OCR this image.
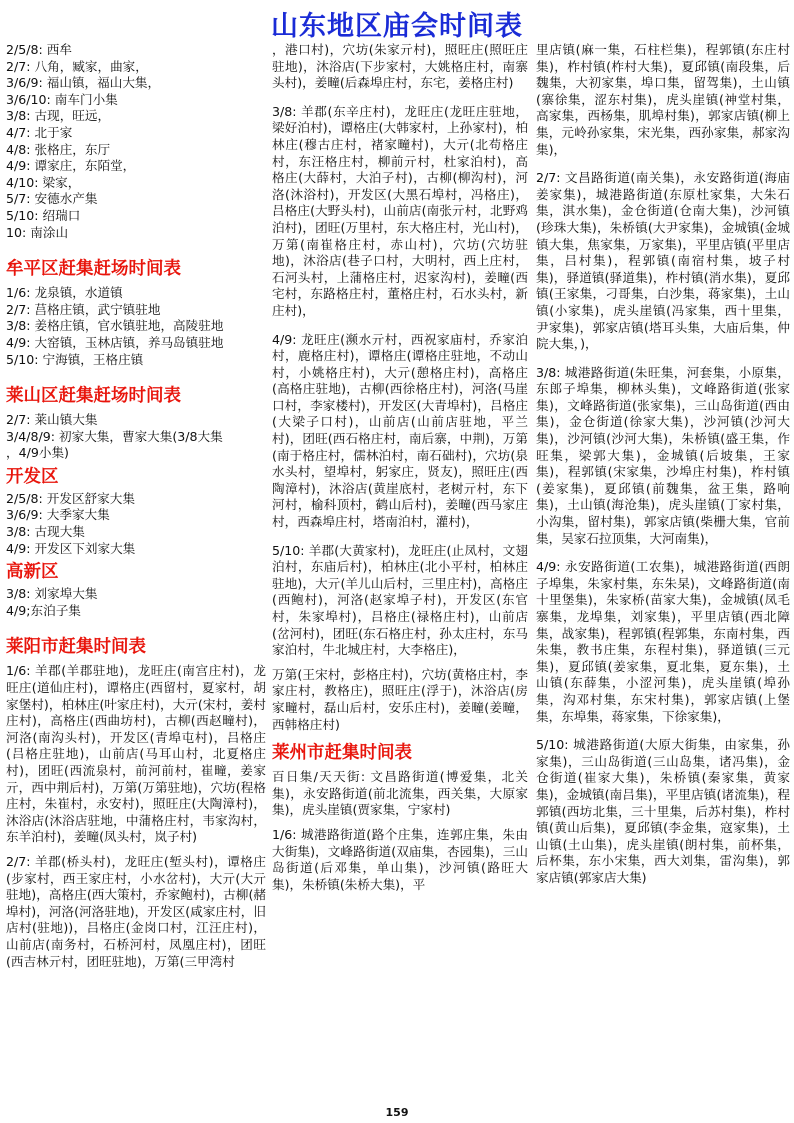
山东地区庙会时间表
2/5/8: 西牟
2/7: 八角，臧家，曲家，
3/6/9: 福山镇，福山大集，
3/6/10: 南车门小集
3/8: 古现，旺远，
4/7: 北于家
4/8: 张格庄，东厅
4/9: 谭家庄，东陌堂，
4/10: 梁家，
5/7: 安德水产集
5/10: 绍瑞口
10: 南涂山
牟平区赶集赶场时间表
1/6: 龙泉镇，水道镇
2/7: 莒格庄镇，武宁镇驻地
3/8: 姜格庄镇，官水镇驻地，高陵驻地
4/9: 大窑镇，玉林店镇，养马岛镇驻地
5/10: 宁海镇，王格庄镇
莱山区赶集赶场时间表
2/7: 莱山镇大集
3/4/8/9: 初家大集，曹家大集(3/8大集
，4/9小集)
开发区
2/5/8: 开发区舒家大集
3/6/9: 大季家大集
3/8: 古现大集
4/9: 开发区下刘家大集
高新区
3/8: 刘家埠大集
4/9;东泊子集
莱阳市赶集时间表

1/6: 羊郡(羊郡驻地)，龙旺庄(南宫庄村)，龙旺庄(道仙庄村)，谭格庄(西留村，夏家村，胡家堡村)，柏林庄(叶家庄村)，大亓(宋村，姜村庄村)，高格庄(西曲坊村)，古柳(西赵疃村)，河洛(南沟头村)，开发区(青埠屯村)，吕格庄(吕格庄驻地)，山前店(马耳山村，北夏格庄村)，团旺(西流泉村，前河前村，崔疃，姜家亓，西中荆后村)，万第(万第驻地)，穴坊(程格庄村，朱崔村，永安村)，照旺庄(大陶漳村)，沐浴店(沐浴店驻地，中蒲格庄村，韦家沟村，东羊泊村)，姜疃(凤头村，岚子村)

2/7: 羊郡(桥头村)，龙旺庄(堑头村)，谭格庄(步家村，西王家庄村，小水岔村)，大亓(大亓驻地)，高格庄(西大策村，乔家鲍村)，古柳(赭埠村)，河洛(河洛驻地)，开发区(咸家庄村，旧店村(驻地))，吕格庄(金岗口村，江汪庄村)，山前店(南务村，石桥河村，凤凰庄村)，团旺(西吉林亓村，团旺驻地)，万第(三甲湾村

，港口村)，穴坊(朱家亓村)，照旺庄(照旺庄驻地)，沐浴店(下步家村，大姚格庄村，南寨头村)，姜疃(后森埠庄村，东宅，姜格庄村)

3/8: 羊郡(东辛庄村)，龙旺庄(龙旺庄驻地，梁好泊村)，谭格庄(大韩家村，上孙家村)，柏林庄(穆古庄村，褚家疃村)，大亓(北苟格庄村，东汪格庄村，柳前亓村，杜家泊村)，高格庄(大薛村，大泊子村)，古柳(柳沟村)，河洛(沐浴村)，开发区(大黑石埠村，冯格庄)，吕格庄(大野头村)，山前店(南张亓村，北野鸡泊村)，团旺(万里村，东大格庄村，光山村)，万第(南崔格庄村，赤山村)，穴坊(穴坊驻地)，沐浴店(巷子口村，大明村，西上庄村，石河头村，上蒲格庄村，迟家沟村)，姜疃(西宅村，东路格庄村，董格庄村，石水头村，新庄村)，

4/9: 龙旺庄(濒水亓村，西祝家庙村，乔家泊村，鹿格庄村)，谭格庄(谭格庄驻地，不动山村，小姚格庄村)，大亓(憩格庄村)，高格庄(高格庄驻地)，古柳(西徐格庄村)，河洛(马崖口村，李家楼村)，开发区(大青埠村)，吕格庄(大梁子口村)，山前店(山前店驻地，平兰村)，团旺(西石格庄村，南后寨，中荆)，万第(南于格庄村，儒林泊村，南石础村)，穴坊(泉水头村，望埠村，躬家庄，贤友)，照旺庄(西陶漳村)，沐浴店(黄崖底村，老树亓村，东下河村，榆科顶村，鹤山后村)，姜疃(西马家庄村，西森埠庄村，塔南泊村，灌村)，

5/10: 羊郡(大黄家村)，龙旺庄(止凤村，文翅泊村，东庙后村)，柏林庄(北小平村，柏林庄驻地)，大亓(羊儿山后村，三里庄村)，高格庄(西鲍村)，河洛(赵家埠子村)，开发区(东官村，朱家埠村)，吕格庄(禄格庄村)，山前店(岔河村)，团旺(东石格庄村，孙太庄村，东马家泊村，牛北城庄村，大李格庄)，

万第(王宋村，彭格庄村)，穴坊(黄格庄村，李家庄村，教格庄)，照旺庄(浮于)，沐浴店(房家疃村，磊山后村，安乐庄村)，姜疃(姜疃，西韩格庄村)

莱州市赶集时间表

百日集/天天街: 文昌路街道(博爱集，北关集)，永安路街道(前北流集，西关集，大原家集)，虎头崖镇(贾家集，宁家村)

1/6: 城港路街道(路个庄集，连郭庄集，朱由大街集)，文峰路街道(双庙集，杏园集)，三山岛街道(后邓集，单山集)，沙河镇(路旺大集)，朱桥镇(朱桥大集)，平

里店镇(麻一集，石柱栏集)，程郭镇(东庄村集)，柞村镇(柞村大集)，夏邱镇(南段集，后魏集，大初家集，埠口集，留驾集)，土山镇(寨徐集，涩东村集)，虎头崖镇(神堂村集，高家集，西杨集，肌埠村集)，郭家店镇(柳上集，元岭孙家集，宋光集，西孙家集，郝家沟集)，

2/7: 文昌路街道(南关集)，永安路街道(海庙姜家集)，城港路街道(东原杜家集，大朱石集，淇水集)，金仓街道(仓南大集)，沙河镇(珍珠大集)，朱桥镇(大尹家集)，金城镇(金城镇大集，焦家集，万家集)，平里店镇(平里店集，吕村集)，程郭镇(南宿村集，坡子村集)，驿道镇(驿道集)，柞村镇(消水集)，夏邱镇(王家集，刁哥集，白沙集，蒋家集)，土山镇(小家集)，虎头崖镇(冯家集，西十里集，尹家集)，郭家店镇(塔耳头集，大庙后集，仲院大集，)，

3/8: 城港路街道(朱旺集，河套集，小原集，东郎子埠集，柳林头集)，文峰路街道(张家集)，文峰路街道(张家集)，三山岛街道(西由集)，金仓街道(徐家大集)，沙河镇(沙河大集)，沙河镇(沙河大集)，朱桥镇(盛王集，作旺集，梁郭大集)，金城镇(后坡集，王家集)，程郭镇(宋家集，沙埠庄村集)，柞村镇(姜家集)，夏邱镇(前魏集，盆王集，路响集)，土山镇(海沧集)，虎头崖镇(丁家村集，小沟集，留村集)，郭家店镇(柴栅大集，官前集，吴家石拉顶集，大河南集)，

4/9: 永安路街道(工农集)，城港路街道(西朗子埠集，朱家村集，东朱杲)，文峰路街道(南十里堡集)，朱家桥(苗家大集)，金城镇(凤毛寨集，龙埠集，刘家集)，平里店镇(西北障集，战家集)，程郭镇(程郭集，东南村集，西朱集，教书庄集，东程村集)，驿道镇(三元集)，夏邱镇(姜家集，夏北集，夏东集)，土山镇(东薛集，小涩河集)，虎头崖镇(埠孙集，沟邓村集，东宋村集)，郭家店镇(上堡集，东埠集，蒋家集，下徐家集)，

5/10: 城港路街道(大原大街集，由家集，孙家集)，三山岛街道(三山岛集，诸冯集)，金仓街道(崔家大集)，朱桥镇(秦家集，黄家集)，金城镇(南吕集)，平里店镇(诸流集)，程郭镇(西坊北集，三十里集，后苏村集)，柞村镇(黄山后集)，夏邱镇(李金集，寇家集)，土山镇(土山集)，虎头崖镇(朗村集，前杯集，后杯集，东小宋集，西大刘集，雷沟集)，郭家店镇(郭家店大集)

159
